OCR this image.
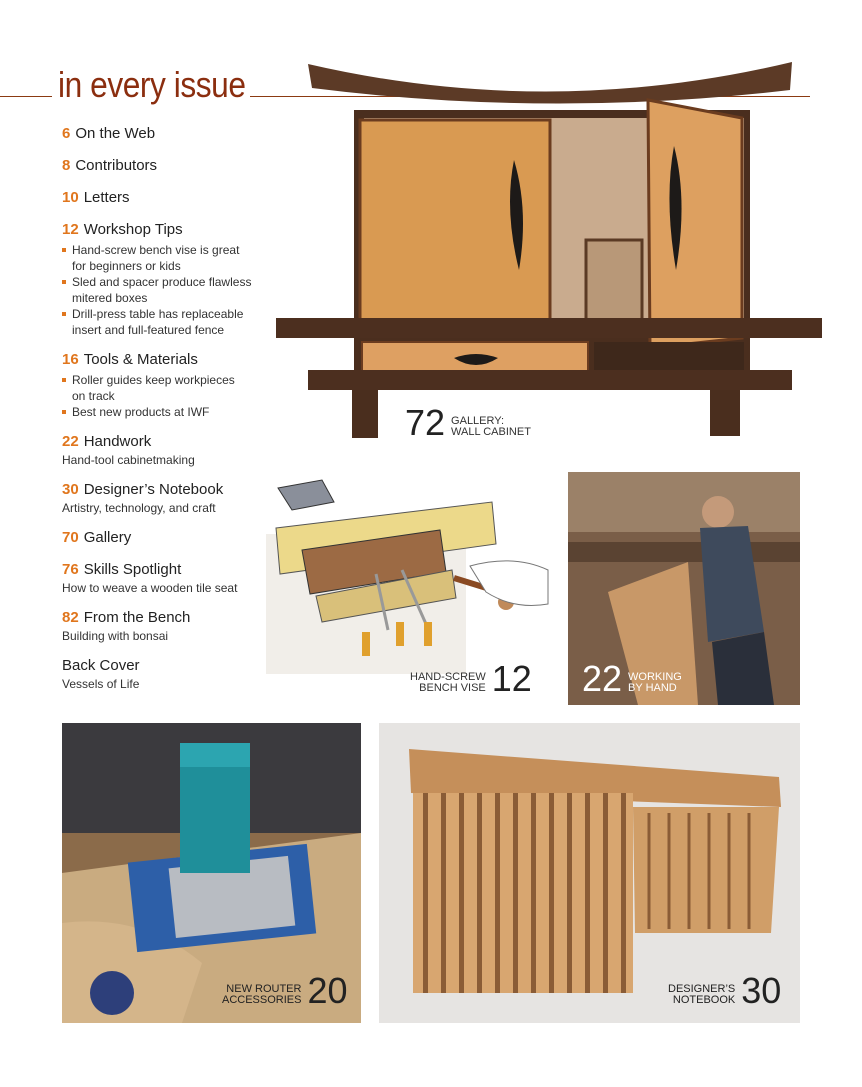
in every issue
72 GALLERY:
WALL CABINET
6 On the Web
8 Contributors
10 Letters
12 Workshop Tips
Hand-screw bench vise is great
for beginners or kids
Sled and spacer produce flawless
mitered boxes
Drill-press table has replaceable
insert and full-featured fence
16 Tools & Materials
Roller guides keep workpieces
on track
Best new products at IWF
22 Handwork
Hand-tool cabinetmaking
30 Designer’s Notebook
Artistry, technology, and craft
70 Gallery
76 Skills Spotlight
How to weave a wooden tile seat
82 From the Bench
Building with bonsai
Back Cover
Vessels of Life	HAND-SCREW
BENCH VISE 12 22 WORKING
BY HAND
NEW ROUTER
ACCESSORIES 20	DESIGNER’S
NOTEBOOK 30
